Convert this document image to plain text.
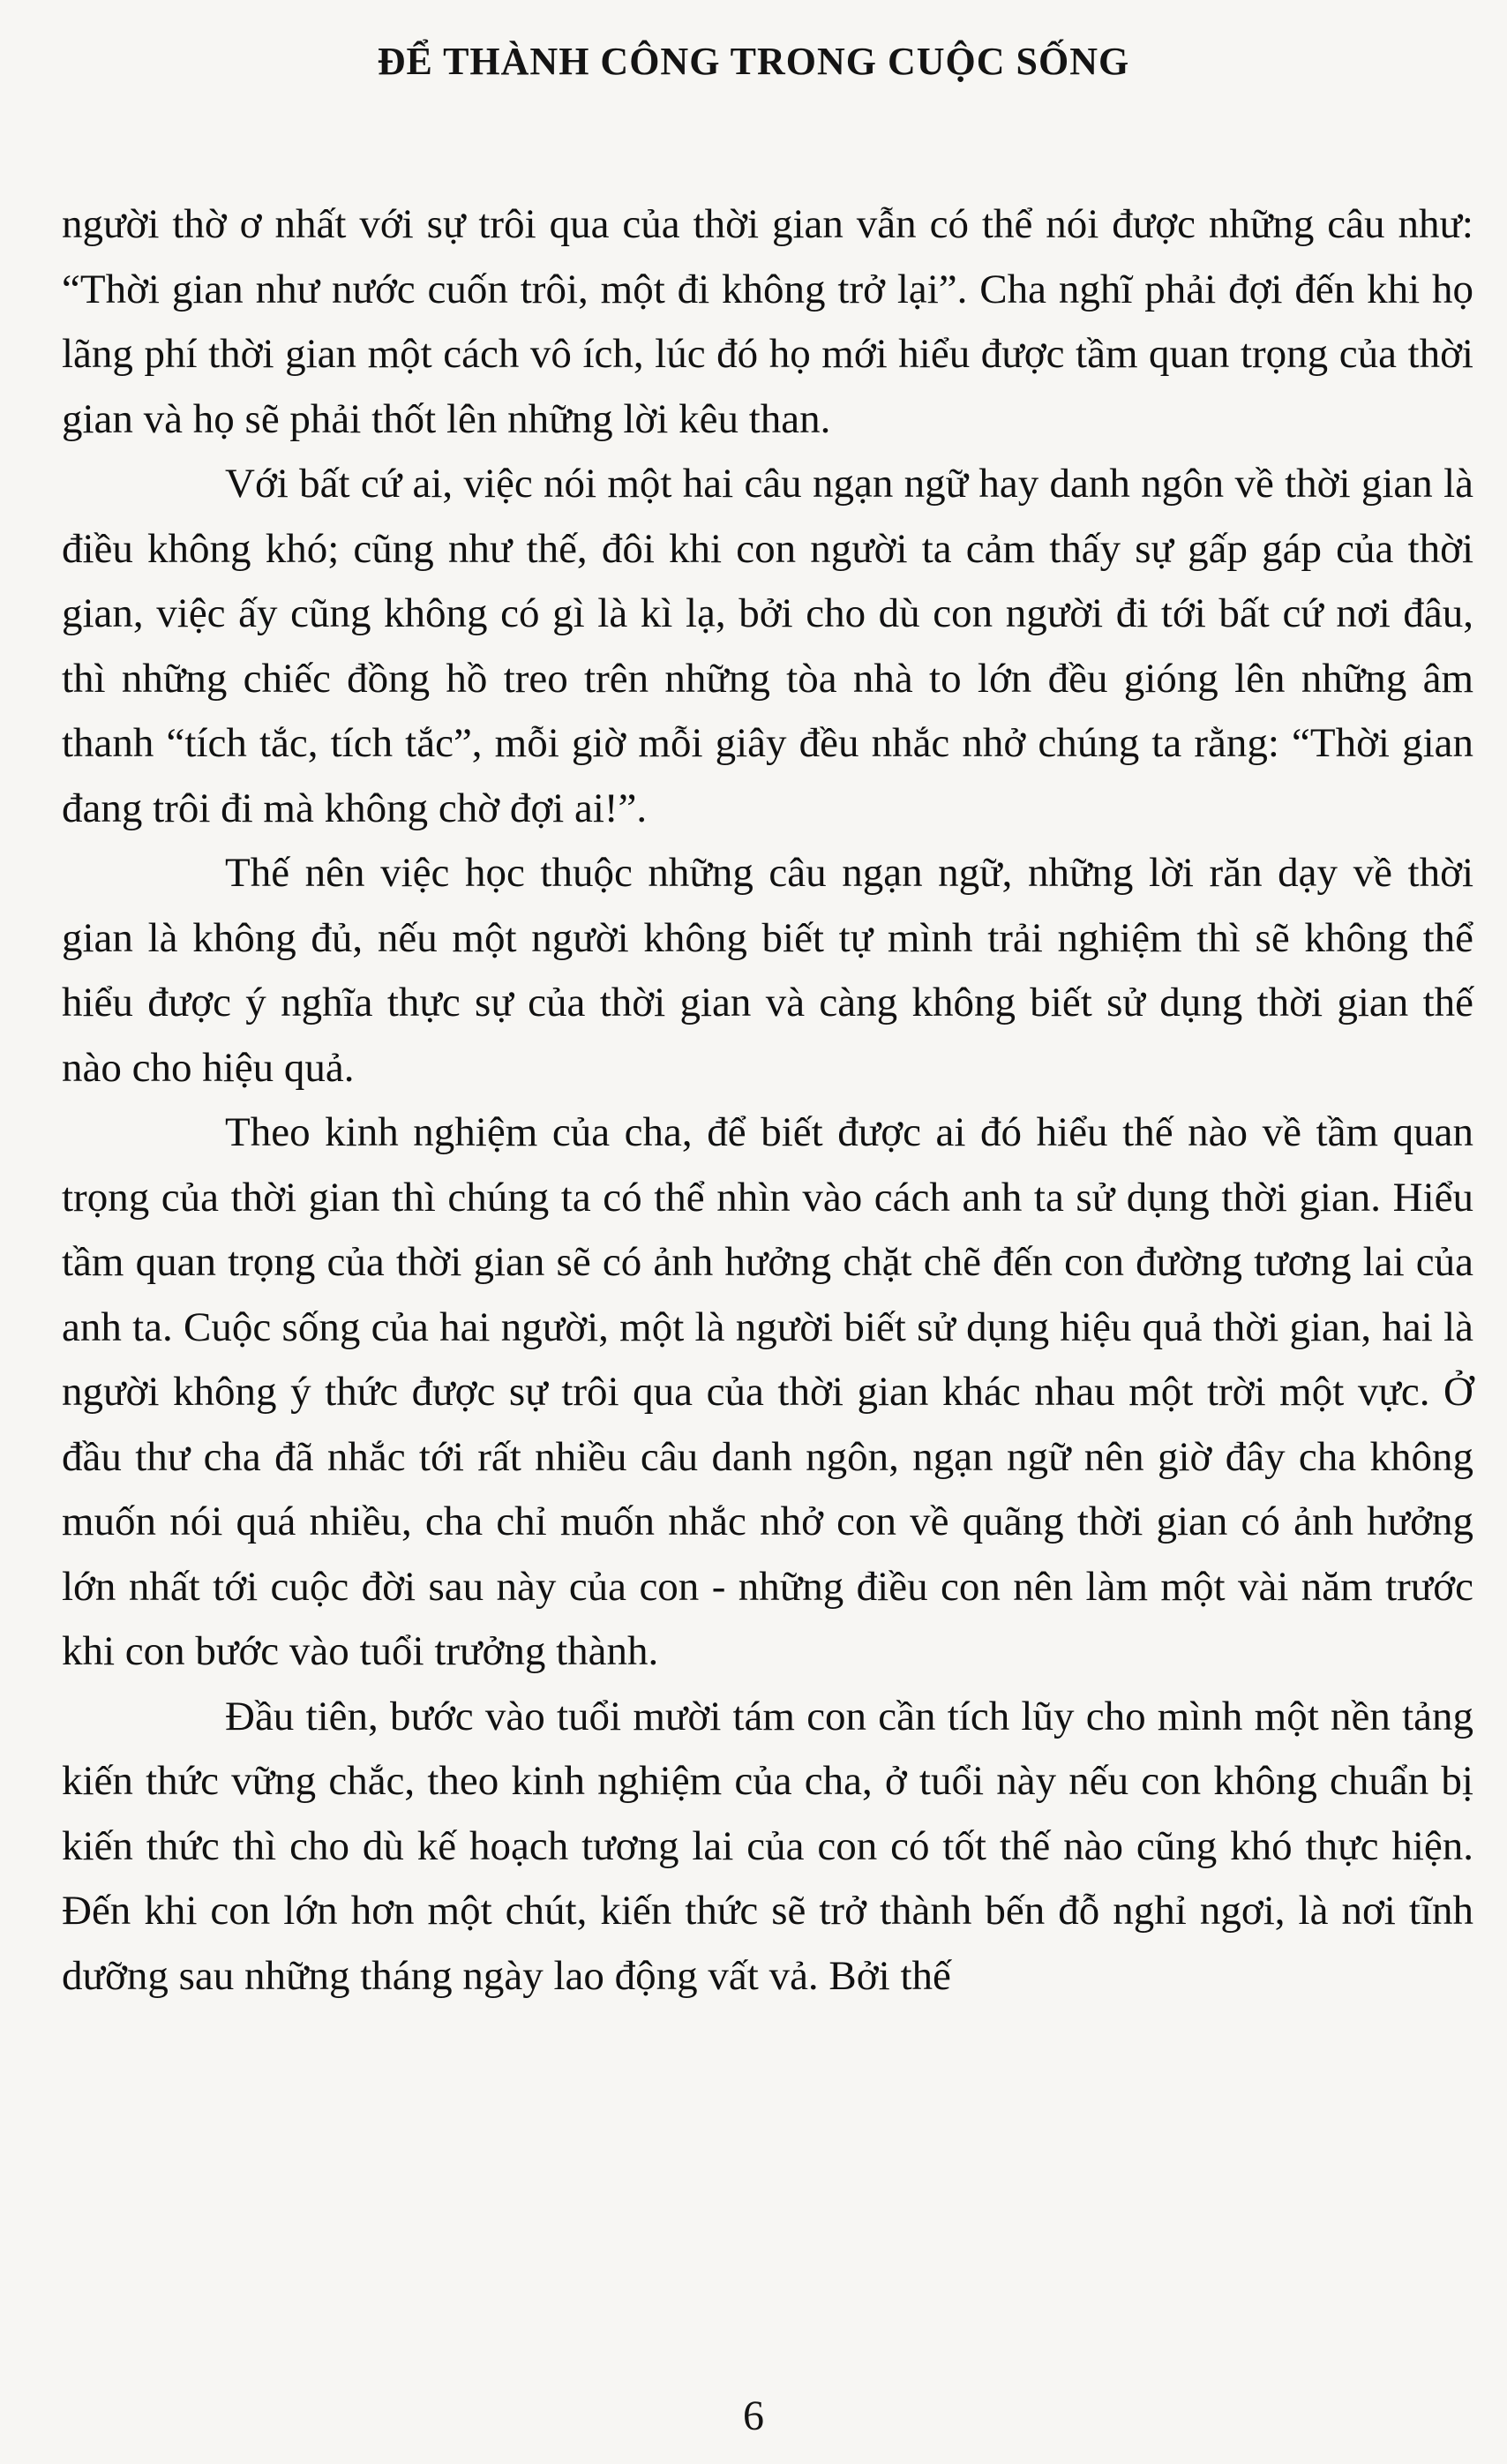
ĐỂ THÀNH CÔNG TRONG CUỘC SỐNG

người thờ ơ nhất với sự trôi qua của thời gian vẫn có thể nói được những câu như: “Thời gian như nước cuốn trôi, một đi không trở lại”. Cha nghĩ phải đợi đến khi họ lãng phí thời gian một cách vô ích, lúc đó họ mới hiểu được tầm quan trọng của thời gian và họ sẽ phải thốt lên những lời kêu than.

Với bất cứ ai, việc nói một hai câu ngạn ngữ hay danh ngôn về thời gian là điều không khó; cũng như thế, đôi khi con người ta cảm thấy sự gấp gáp của thời gian, việc ấy cũng không có gì là kì lạ, bởi cho dù con người đi tới bất cứ nơi đâu, thì những chiếc đồng hồ treo trên những tòa nhà to lớn đều gióng lên những âm thanh “tích tắc, tích tắc”, mỗi giờ mỗi giây đều nhắc nhở chúng ta rằng: “Thời gian đang trôi đi mà không chờ đợi ai!”.

Thế nên việc học thuộc những câu ngạn ngữ, những lời răn dạy về thời gian là không đủ, nếu một người không biết tự mình trải nghiệm thì sẽ không thể hiểu được ý nghĩa thực sự của thời gian và càng không biết sử dụng thời gian thế nào cho hiệu quả.

Theo kinh nghiệm của cha, để biết được ai đó hiểu thế nào về tầm quan trọng của thời gian thì chúng ta có thể nhìn vào cách anh ta sử dụng thời gian. Hiểu tầm quan trọng của thời gian sẽ có ảnh hưởng chặt chẽ đến con đường tương lai của anh ta. Cuộc sống của hai người, một là người biết sử dụng hiệu quả thời gian, hai là người không ý thức được sự trôi qua của thời gian khác nhau một trời một vực. Ở đầu thư cha đã nhắc tới rất nhiều câu danh ngôn, ngạn ngữ nên giờ đây cha không muốn nói quá nhiều, cha chỉ muốn nhắc nhở con về quãng thời gian có ảnh hưởng lớn nhất tới cuộc đời sau này của con - những điều con nên làm một vài năm trước khi con bước vào tuổi trưởng thành.

Đầu tiên, bước vào tuổi mười tám con cần tích lũy cho mình một nền tảng kiến thức vững chắc, theo kinh nghiệm của cha, ở tuổi này nếu con không chuẩn bị kiến thức thì cho dù kế hoạch tương lai của con có tốt thế nào cũng khó thực hiện. Đến khi con lớn hơn một chút, kiến thức sẽ trở thành bến đỗ nghỉ ngơi, là nơi tĩnh dưỡng sau những tháng ngày lao động vất vả. Bởi thế

6
